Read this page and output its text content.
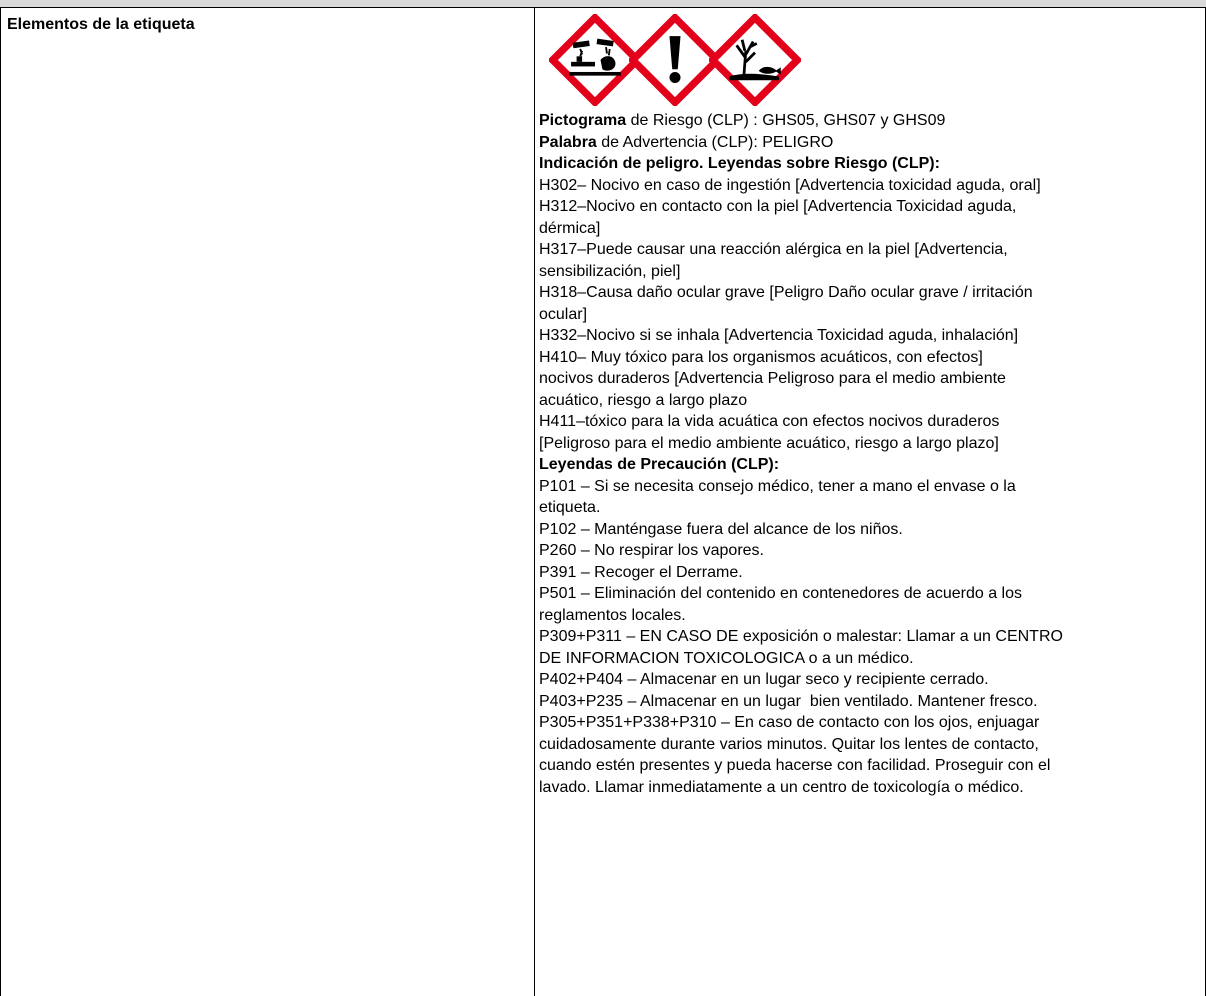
Elementos de la etiqueta
Pictograma de Riesgo (CLP) : GHS05, GHS07 y GHS09
Palabra de Advertencia (CLP): PELIGRO
Indicación de peligro. Leyendas sobre Riesgo (CLP):
H302– Nocivo en caso de ingestión [Advertencia toxicidad aguda, oral]
H312–Nocivo en contacto con la piel [Advertencia Toxicidad aguda,
dérmica]
H317–Puede causar una reacción alérgica en la piel [Advertencia,
sensibilización, piel]
H318–Causa daño ocular grave [Peligro Daño ocular grave / irritación
ocular]
H332–Nocivo si se inhala [Advertencia Toxicidad aguda, inhalación]
H410– Muy tóxico para los organismos acuáticos, con efectos]
nocivos duraderos [Advertencia Peligroso para el medio ambiente
acuático, riesgo a largo plazo
H411–tóxico para la vida acuática con efectos nocivos duraderos
[Peligroso para el medio ambiente acuático, riesgo a largo plazo]
Leyendas de Precaución (CLP):
P101 – Si se necesita consejo médico, tener a mano el envase o la
etiqueta.
P102 – Manténgase fuera del alcance de los niños.
P260 – No respirar los vapores.
P391 – Recoger el Derrame.
P501 – Eliminación del contenido en contenedores de acuerdo a los
reglamentos locales.
P309+P311 – EN CASO DE exposición o malestar: Llamar a un CENTRO
DE INFORMACION TOXICOLOGICA o a un médico.
P402+P404 – Almacenar en un lugar seco y recipiente cerrado.
P403+P235 – Almacenar en un lugar  bien ventilado. Mantener fresco.
P305+P351+P338+P310 – En caso de contacto con los ojos, enjuagar
cuidadosamente durante varios minutos. Quitar los lentes de contacto,
cuando estén presentes y pueda hacerse con facilidad. Proseguir con el
lavado. Llamar inmediatamente a un centro de toxicología o médico.
